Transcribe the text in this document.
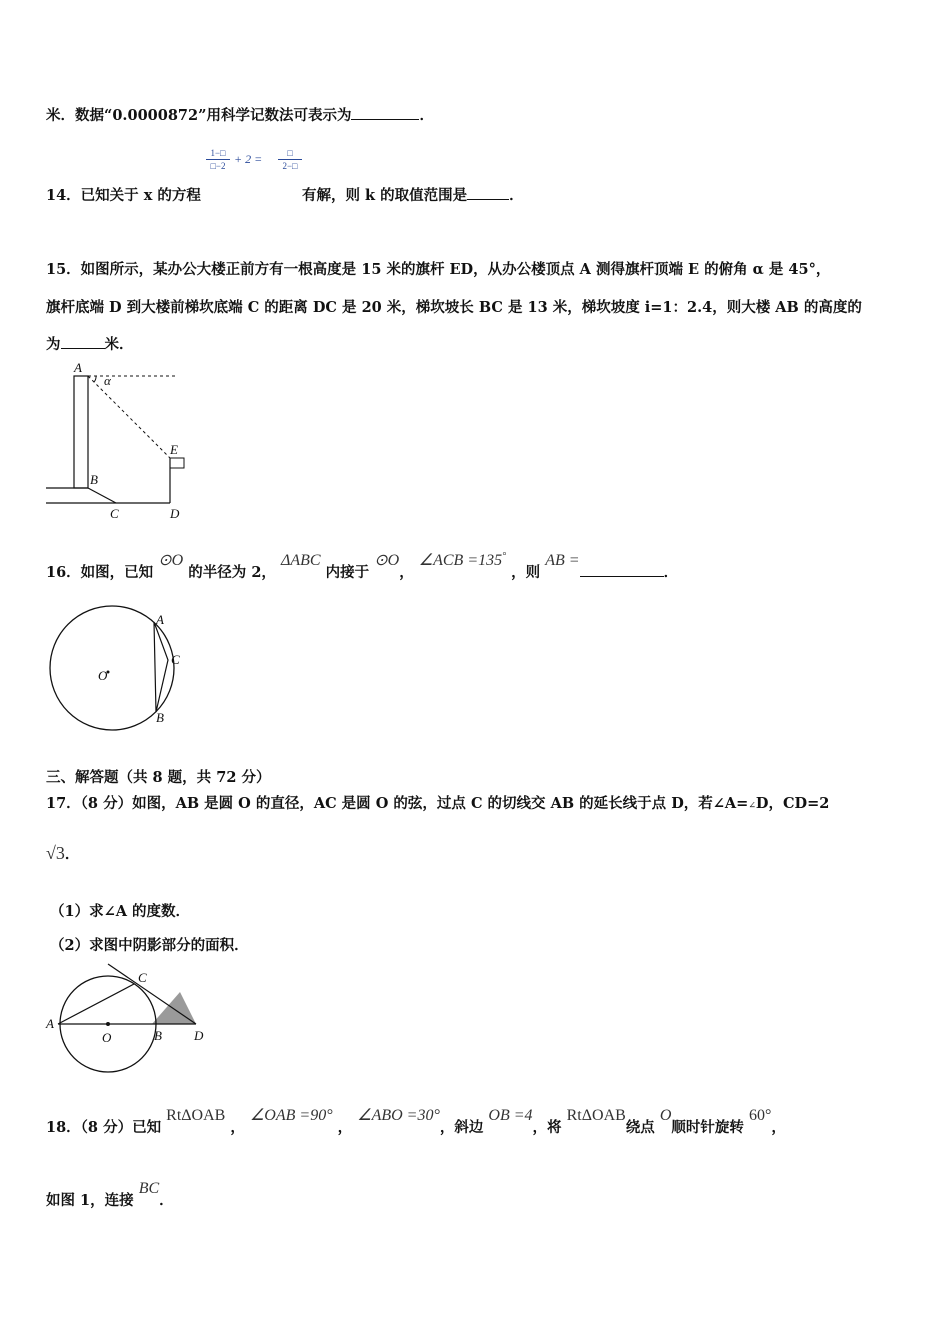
米．数据“0.0000872”用科学记数法可表示为	．
14．已知关于 x 的方程
1−□
□−2 + 2 =	□
2−□
有解，则 k 的取值范围是	．
15．如图所示，某办公大楼正前方有一根高度是 15 米的旗杆 ED，从办公楼顶点 A 测得旗杆顶端 E 的俯角 α 是 45°，
旗杆底端 D 到大楼前梯坎底端 C 的距离 DC 是 20 米，梯坎坡长 BC 是 13 米，梯坎坡度 i=1：2.4，则大楼 AB 的高度的
为	米．
A
α
E
B
C	D
16．如图，已知 ⊙O 的半径为 2， ΔABC 内接于 ⊙O， ∠ACB =135° ，则 AB =．
A
C
B
O
三、解答题（共 8 题，共 72 分）
17．（8 分）如图，AB 是圆 O 的直径，AC 是圆 O 的弦，过点 C 的切线交 AB 的延长线于点 D，若∠A=∠D，CD=2
√3．
（1）求∠A 的度数．
（2）求图中阴影部分的面积．
A
C
O	B D
18．（8 分）已知 RtΔOAB ， ∠OAB =90° ， ∠ABO =30°，斜边 OB =4，将 RtΔOAB绕点 O顺时针旋转 60°，
如图 1，连接 BC．
